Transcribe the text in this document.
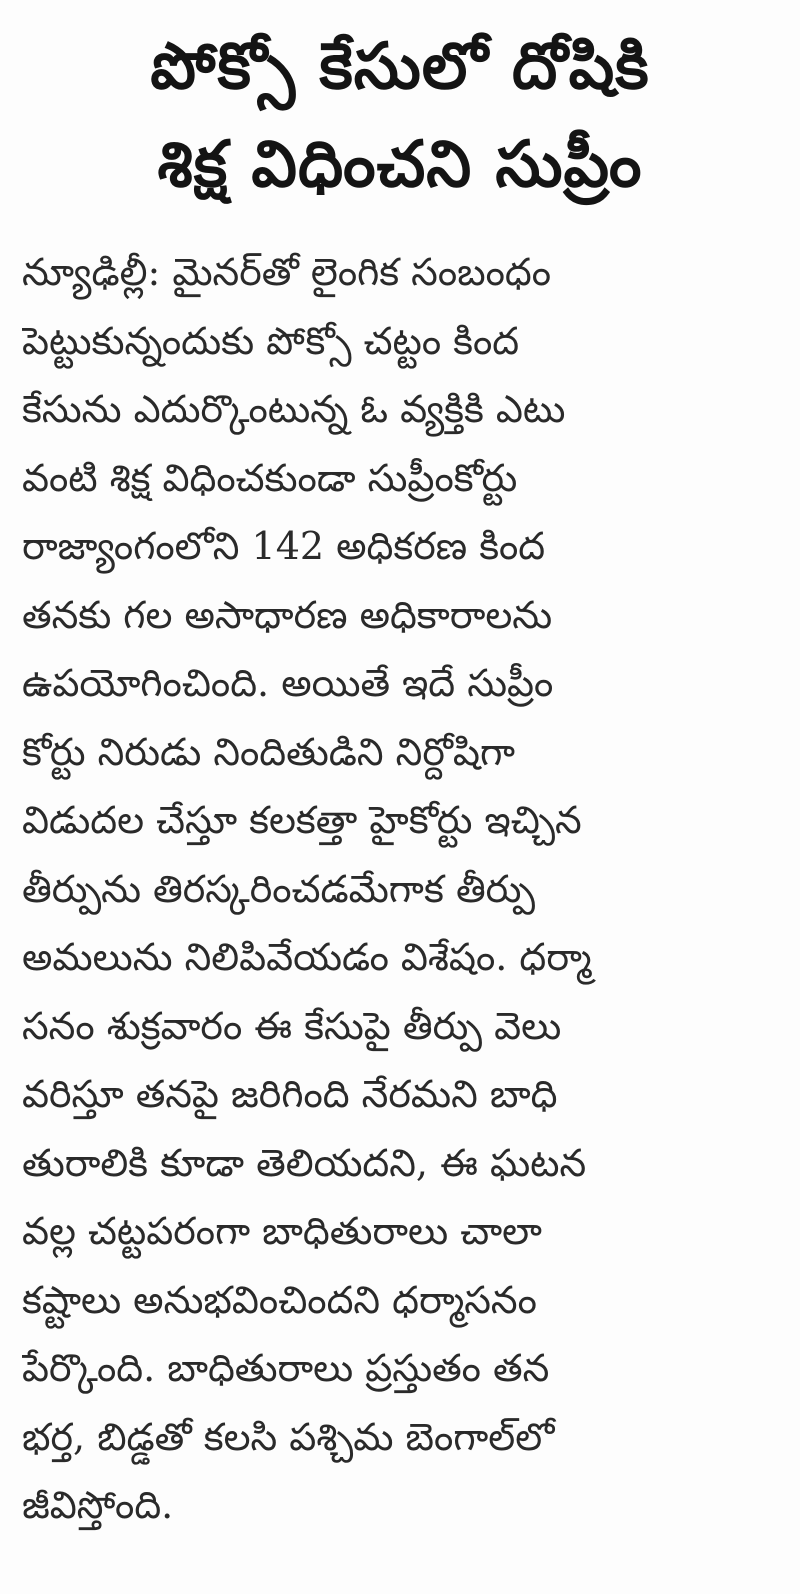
పోక్సో కేసులో దోషికి
శిక్ష విధించని సుప్రీం
న్యూఢిల్లీ: మైనర్‌తో లైంగిక సంబంధం
పెట్టుకున్నందుకు పోక్సో చట్టం కింద
కేసును ఎదుర్కొంటున్న ఓ వ్యక్తికి ఎటు
వంటి శిక్ష విధించకుండా సుప్రీంకోర్టు
రాజ్యాంగంలోని 142 అధికరణ కింద
తనకు గల అసాధారణ అధికారాలను
ఉపయోగించింది. అయితే ఇదే సుప్రీం
కోర్టు నిరుడు నిందితుడిని నిర్దోషిగా
విడుదల చేస్తూ కలకత్తా హైకోర్టు ఇచ్చిన
తీర్పును తిరస్కరించడమేగాక తీర్పు
అమలును నిలిపివేయడం విశేషం. ధర్మా
సనం శుక్రవారం ఈ కేసుపై తీర్పు వెలు
వరిస్తూ తనపై జరిగింది నేరమని బాధి
తురాలికి కూడా తెలియదని, ఈ ఘటన
వల్ల చట్టపరంగా బాధితురాలు చాలా
కష్టాలు అనుభవించిందని ధర్మాసనం
పేర్కొంది. బాధితురాలు ప్రస్తుతం తన
భర్త, బిడ్డతో కలసి పశ్చిమ బెంగాల్‌లో
జీవిస్తోంది.
